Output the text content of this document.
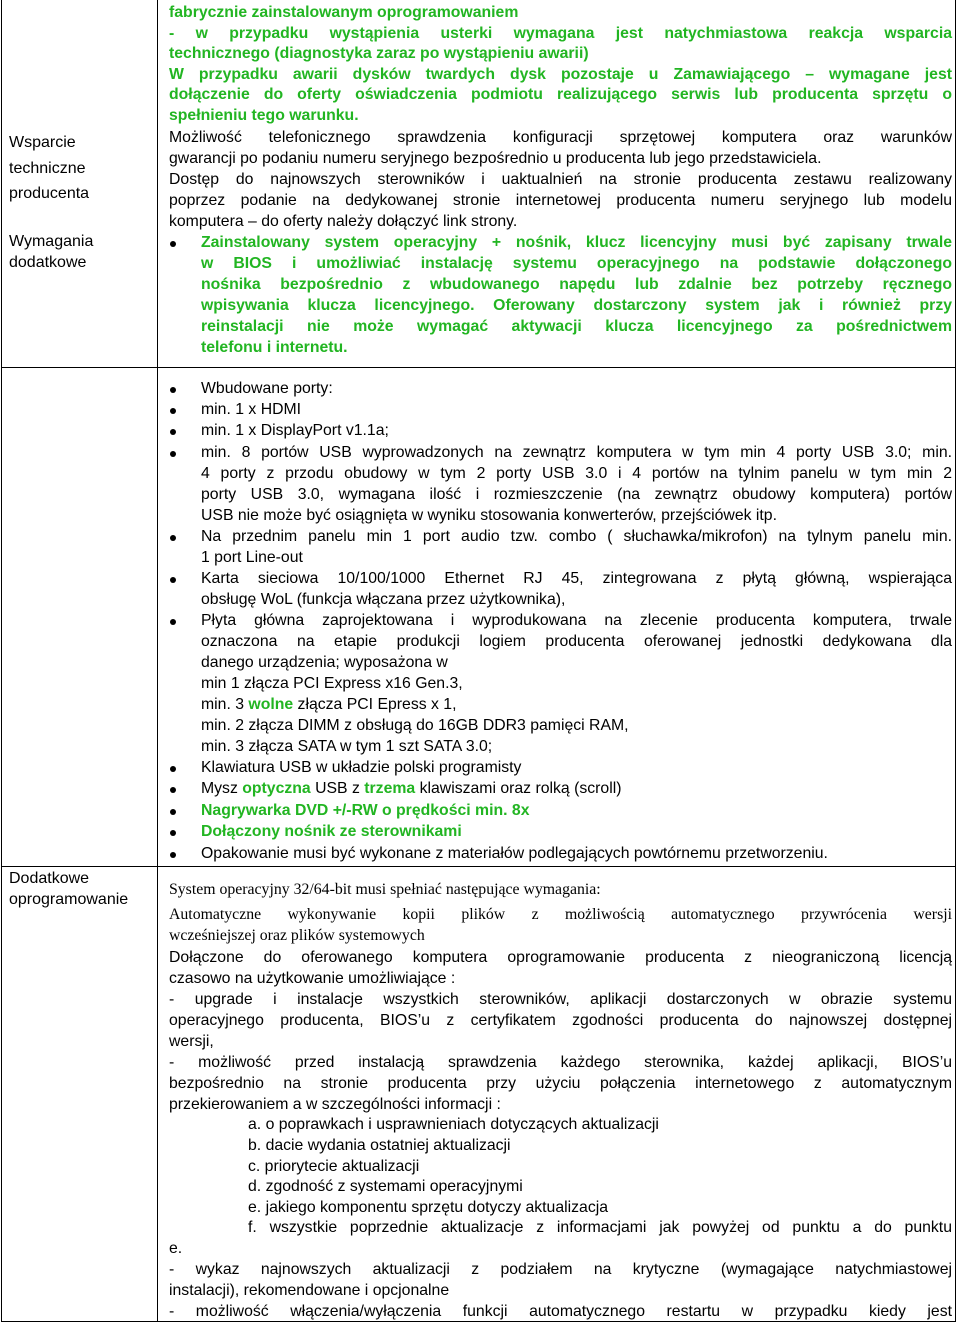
Wsparcie
techniczne
producenta
Wymagania
dodatkowe
Dodatkowe
oprogramowanie
fabrycznie zainstalowanym oprogramowaniem
- w przypadku wystąpienia usterki wymagana jest natychmiastowa reakcja wsparcia
technicznego (diagnostyka zaraz po wystąpieniu awarii)
W przypadku awarii dysków twardych dysk pozostaje u Zamawiającego – wymagane jest
dołączenie do oferty oświadczenia podmiotu realizującego serwis lub producenta sprzętu o
spełnieniu tego warunku.
Możliwość telefonicznego sprawdzenia konfiguracji sprzętowej komputera oraz warunków
gwarancji po podaniu numeru seryjnego bezpośrednio u producenta lub jego przedstawiciela.
Dostęp do najnowszych sterowników i uaktualnień na stronie producenta zestawu realizowany
poprzez podanie na dedykowanej stronie internetowej producenta numeru seryjnego lub modelu
komputera – do oferty należy dołączyć link strony.
Zainstalowany system operacyjny + nośnik, klucz licencyjny musi być zapisany trwale
w BIOS i umożliwiać instalację systemu operacyjnego na podstawie dołączonego
nośnika bezpośrednio z wbudowanego napędu lub zdalnie bez potrzeby ręcznego
wpisywania klucza licencyjnego. Oferowany dostarczony system jak i również przy
reinstalacji nie może wymagać aktywacji klucza licencyjnego za pośrednictwem
telefonu i internetu.
Wbudowane porty:
min. 1 x HDMI
min. 1 x DisplayPort v1.1a;
min. 8 portów USB wyprowadzonych na zewnątrz komputera w tym min 4 porty USB 3.0; min.
4 porty z przodu obudowy w tym 2 porty USB 3.0 i 4 portów na tylnim panelu w tym min 2
porty USB 3.0, wymagana ilość i rozmieszczenie (na zewnątrz obudowy komputera) portów
USB nie może być osiągnięta w wyniku stosowania konwerterów, przejściówek itp.
Na przednim panelu min 1 port audio tzw. combo ( słuchawka/mikrofon) na tylnym panelu min.
1 port Line-out
Karta sieciowa 10/100/1000 Ethernet RJ 45, zintegrowana z płytą główną, wspierająca
obsługę WoL (funkcja włączana przez użytkownika),
Płyta główna zaprojektowana i wyprodukowana na zlecenie producenta komputera, trwale
oznaczona na etapie produkcji logiem producenta oferowanej jednostki dedykowana dla
danego urządzenia; wyposażona w
min 1 złącza PCI Express x16 Gen.3,
min. 3 wolne złącza PCI Epress x 1,
min. 2 złącza DIMM z obsługą do 16GB DDR3 pamięci RAM,
min. 3 złącza SATA w tym 1 szt SATA 3.0;
Klawiatura USB w układzie polski programisty
Mysz optyczna USB z trzema klawiszami oraz rolką (scroll)
Nagrywarka DVD +/-RW o prędkości min. 8x
Dołączony nośnik ze sterownikami
Opakowanie musi być wykonane z materiałów podlegających powtórnemu przetworzeniu.
System operacyjny 32/64-bit musi spełniać następujące wymagania:
Automatyczne wykonywanie kopii plików z możliwością automatycznego przywrócenia wersji
wcześniejszej oraz plików systemowych
Dołączone do oferowanego komputera oprogramowanie producenta z nieograniczoną licencją
czasowo na użytkowanie umożliwiające :
- upgrade i instalacje wszystkich sterowników, aplikacji dostarczonych w obrazie systemu
operacyjnego producenta, BIOS’u z certyfikatem zgodności producenta do najnowszej dostępnej
wersji,
- możliwość przed instalacją sprawdzenia każdego sterownika, każdej aplikacji, BIOS’u
bezpośrednio na stronie producenta przy użyciu połączenia internetowego z automatycznym
przekierowaniem a w szczególności informacji :
a. o poprawkach i usprawnieniach dotyczących aktualizacji
b. dacie wydania ostatniej aktualizacji
c. priorytecie aktualizacji
d. zgodność z systemami operacyjnymi
e. jakiego komponentu sprzętu dotyczy aktualizacja
f. wszystkie poprzednie aktualizacje z informacjami jak powyżej od punktu a do punktu
e.
- wykaz najnowszych aktualizacji z podziałem na krytyczne (wymagające natychmiastowej
instalacji), rekomendowane i opcjonalne
- możliwość włączenia/wyłączenia funkcji automatycznego restartu w przypadku kiedy jest
